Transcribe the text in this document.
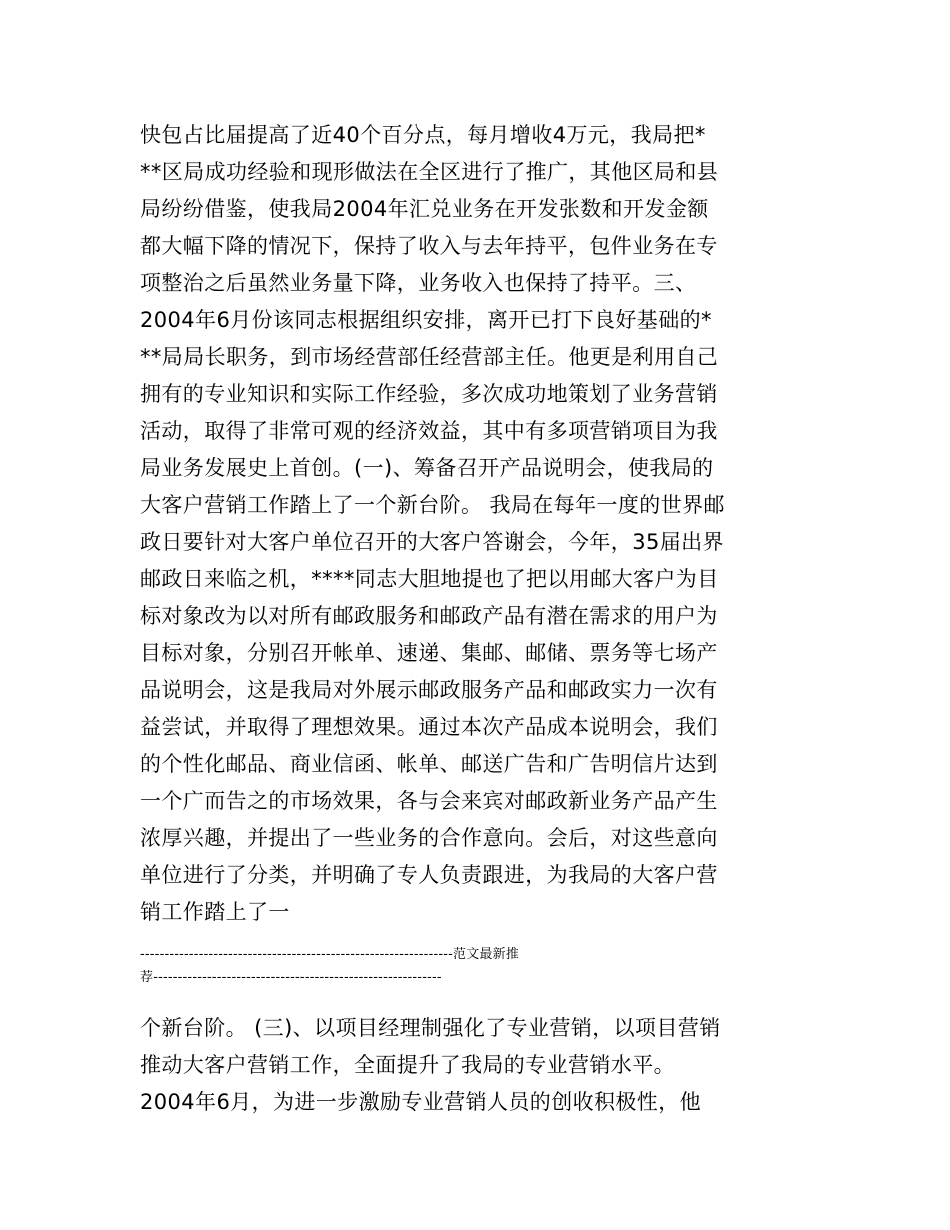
快包占比届提高了近40个百分点，每月增收4万元，我局把*
**区局成功经验和现形做法在全区进行了推广，其他区局和县
局纷纷借鉴，使我局2004年汇兑业务在开发张数和开发金额
都大幅下降的情况下，保持了收入与去年持平，包件业务在专
项整治之后虽然业务量下降，业务收入也保持了持平。三、
2004年6月份该同志根据组织安排，离开已打下良好基础的*
**局局长职务，到市场经营部任经营部主任。他更是利用自己
拥有的专业知识和实际工作经验，多次成功地策划了业务营销
活动，取得了非常可观的经济效益，其中有多项营销项目为我
局业务发展史上首创。(一)、筹备召开产品说明会，使我局的
大客户营销工作踏上了一个新台阶。 我局在每年一度的世界邮
政日要针对大客户单位召开的大客户答谢会，今年，35届出界
邮政日来临之机，****同志大胆地提也了把以用邮大客户为目
标对象改为以对所有邮政服务和邮政产品有潜在需求的用户为
目标对象，分别召开帐单、速递、集邮、邮储、票务等七场产
品说明会，这是我局对外展示邮政服务产品和邮政实力一次有
益尝试，并取得了理想效果。通过本次产品成本说明会，我们
的个性化邮品、商业信函、帐单、邮送广告和广告明信片达到
一个广而告之的市场效果，各与会来宾对邮政新业务产品产生
浓厚兴趣，并提出了一些业务的合作意向。会后，对这些意向
单位进行了分类，并明确了专人负责跟进，为我局的大客户营
销工作踏上了一
----------------------------------------------------------------范文最新推
荐-----------------------------------------------------------
个新台阶。 (三)、以项目经理制强化了专业营销，以项目营销
推动大客户营销工作，全面提升了我局的专业营销水平。
2004年6月，为进一步激励专业营销人员的创收积极性，他
